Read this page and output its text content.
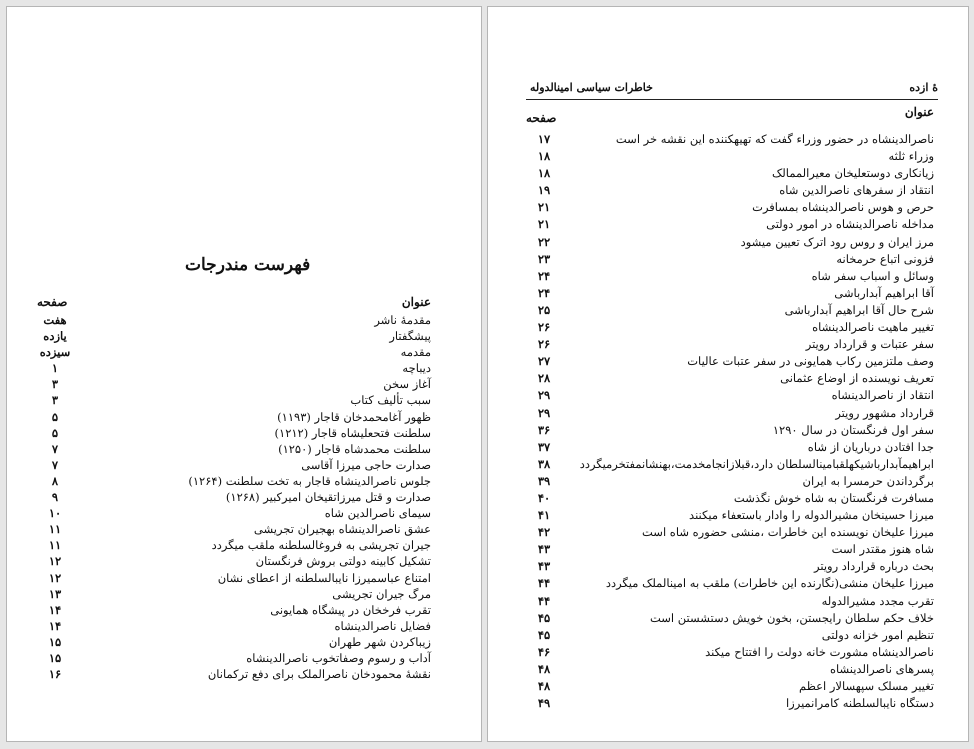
فهرست مندرجات
عنوان
صفحه
مقدمهٔ ناشر
هفت
پیشگفتار
یازده
مقدمه
سیزده
دیباچه
۱
آغاز سخن
۳
سبب تألیف کتاب
۳
ظهور آغامحمدخان قاجار (۱۱۹۳)
۵
سلطنت فتحعلیشاه قاجار (۱۲۱۲)
۵
سلطنت محمدشاه قاجار (۱۲۵۰)
۷
صدارت حاجی میرزا آقاسی
۷
جلوس ناصرالدینشاه قاجار به تخت سلطنت (۱۲۶۴)
۸
صدارت و قتل میرزاتقیخان امیرکبیر (۱۲۶۸)
۹
سیمای ناصرالدین شاه
۱۰
عشق ناصرالدینشاه بهجیران تجریشی
۱۱
جیران تجریشی به فروغالسلطنه ملقب میگردد
۱۱
تشکیل کابینه دولتی بروش فرنگستان
۱۲
امتناع عباسمیرزا نایبالسلطنه از اعطای نشان
۱۲
مرگ جیران تجریشی
۱۳
تقرب فرخخان در پیشگاه همایونی
۱۴
فضایل ناصرالدینشاه
۱۴
زیباکردن شهر طهران
۱۵
آداب و رسوم وصفاتخوب ناصرالدینشاه
۱۵
نقشهٔ محمودخان ناصرالملک برای دفع ترکمانان
۱۶
هٔ ازده
خاطرات سیاسی امینالدوله
عنوان
صفحه
ناصرالدینشاه در حضور وزراء گفت که تهیهکننده این نقشه خر است
۱۷
وزراء ثلثه
۱۸
زیانکاری دوستعلیخان معیرالممالک
۱۸
انتقاد از سفرهای ناصرالدین شاه
۱۹
حرص و هوس ناصرالدینشاه بمسافرت
۲۱
مداخله ناصرالدینشاه در امور دولتی
۲۱
مرز ایران و روس رود اترک تعیین میشود
۲۲
فزونی اتباع حرمخانه
۲۳
وسائل و اسباب سفر شاه
۲۴
آقا ابراهیم آبدارباشی
۲۴
شرح حال آقا ابراهیم آبدارباشی
۲۵
تغییر ماهیت ناصرالدینشاه
۲۶
سفر عتبات و قرارداد رویتر
۲۶
وصف ملتزمین رکاب همایونی در سفر عتبات عالیات
۲۷
تعریف نویسنده از اوضاع عثمانی
۲۸
انتقاد از ناصرالدینشاه
۲۹
قرارداد مشهور رویتر
۲۹
سفر اول فرنگستان در سال ۱۲۹۰
۳۶
جدا افتادن درباریان از شاه
۳۷
ابراهیمآبدارباشیکهلقبامینالسلطان دارد،قبلازانجامخدمت،بهنشانمفتخرمیگردد
۳۸
برگرداندن حرمسرا به ایران
۳۹
مسافرت فرنگستان به شاه خوش نگذشت
۴۰
میرزا حسینخان مشیرالدوله را وادار باستعفاء میکنند
۴۱
میرزا علیخان نویسنده این خاطرات ،منشی حضوره شاه است
۴۲
شاه هنوز مقتدر است
۴۳
بحث درباره قرارداد رویتر
۴۳
میرزا علیخان منشی(نگارنده این خاطرات) ملقب به امینالملک میگردد
۴۴
تقرب مجدد مشیرالدوله
۴۴
خلاف حکم سلطان رایجستن، بخون خویش دستشستن است
۴۵
تنظیم امور خزانه دولتی
۴۵
ناصرالدینشاه مشورت خانه دولت را افتتاح میکند
۴۶
پسرهای ناصرالدینشاه
۴۸
تغییر مسلک سپهسالار اعظم
۴۸
دستگاه نایبالسلطنه کامرانمیرزا
۴۹
